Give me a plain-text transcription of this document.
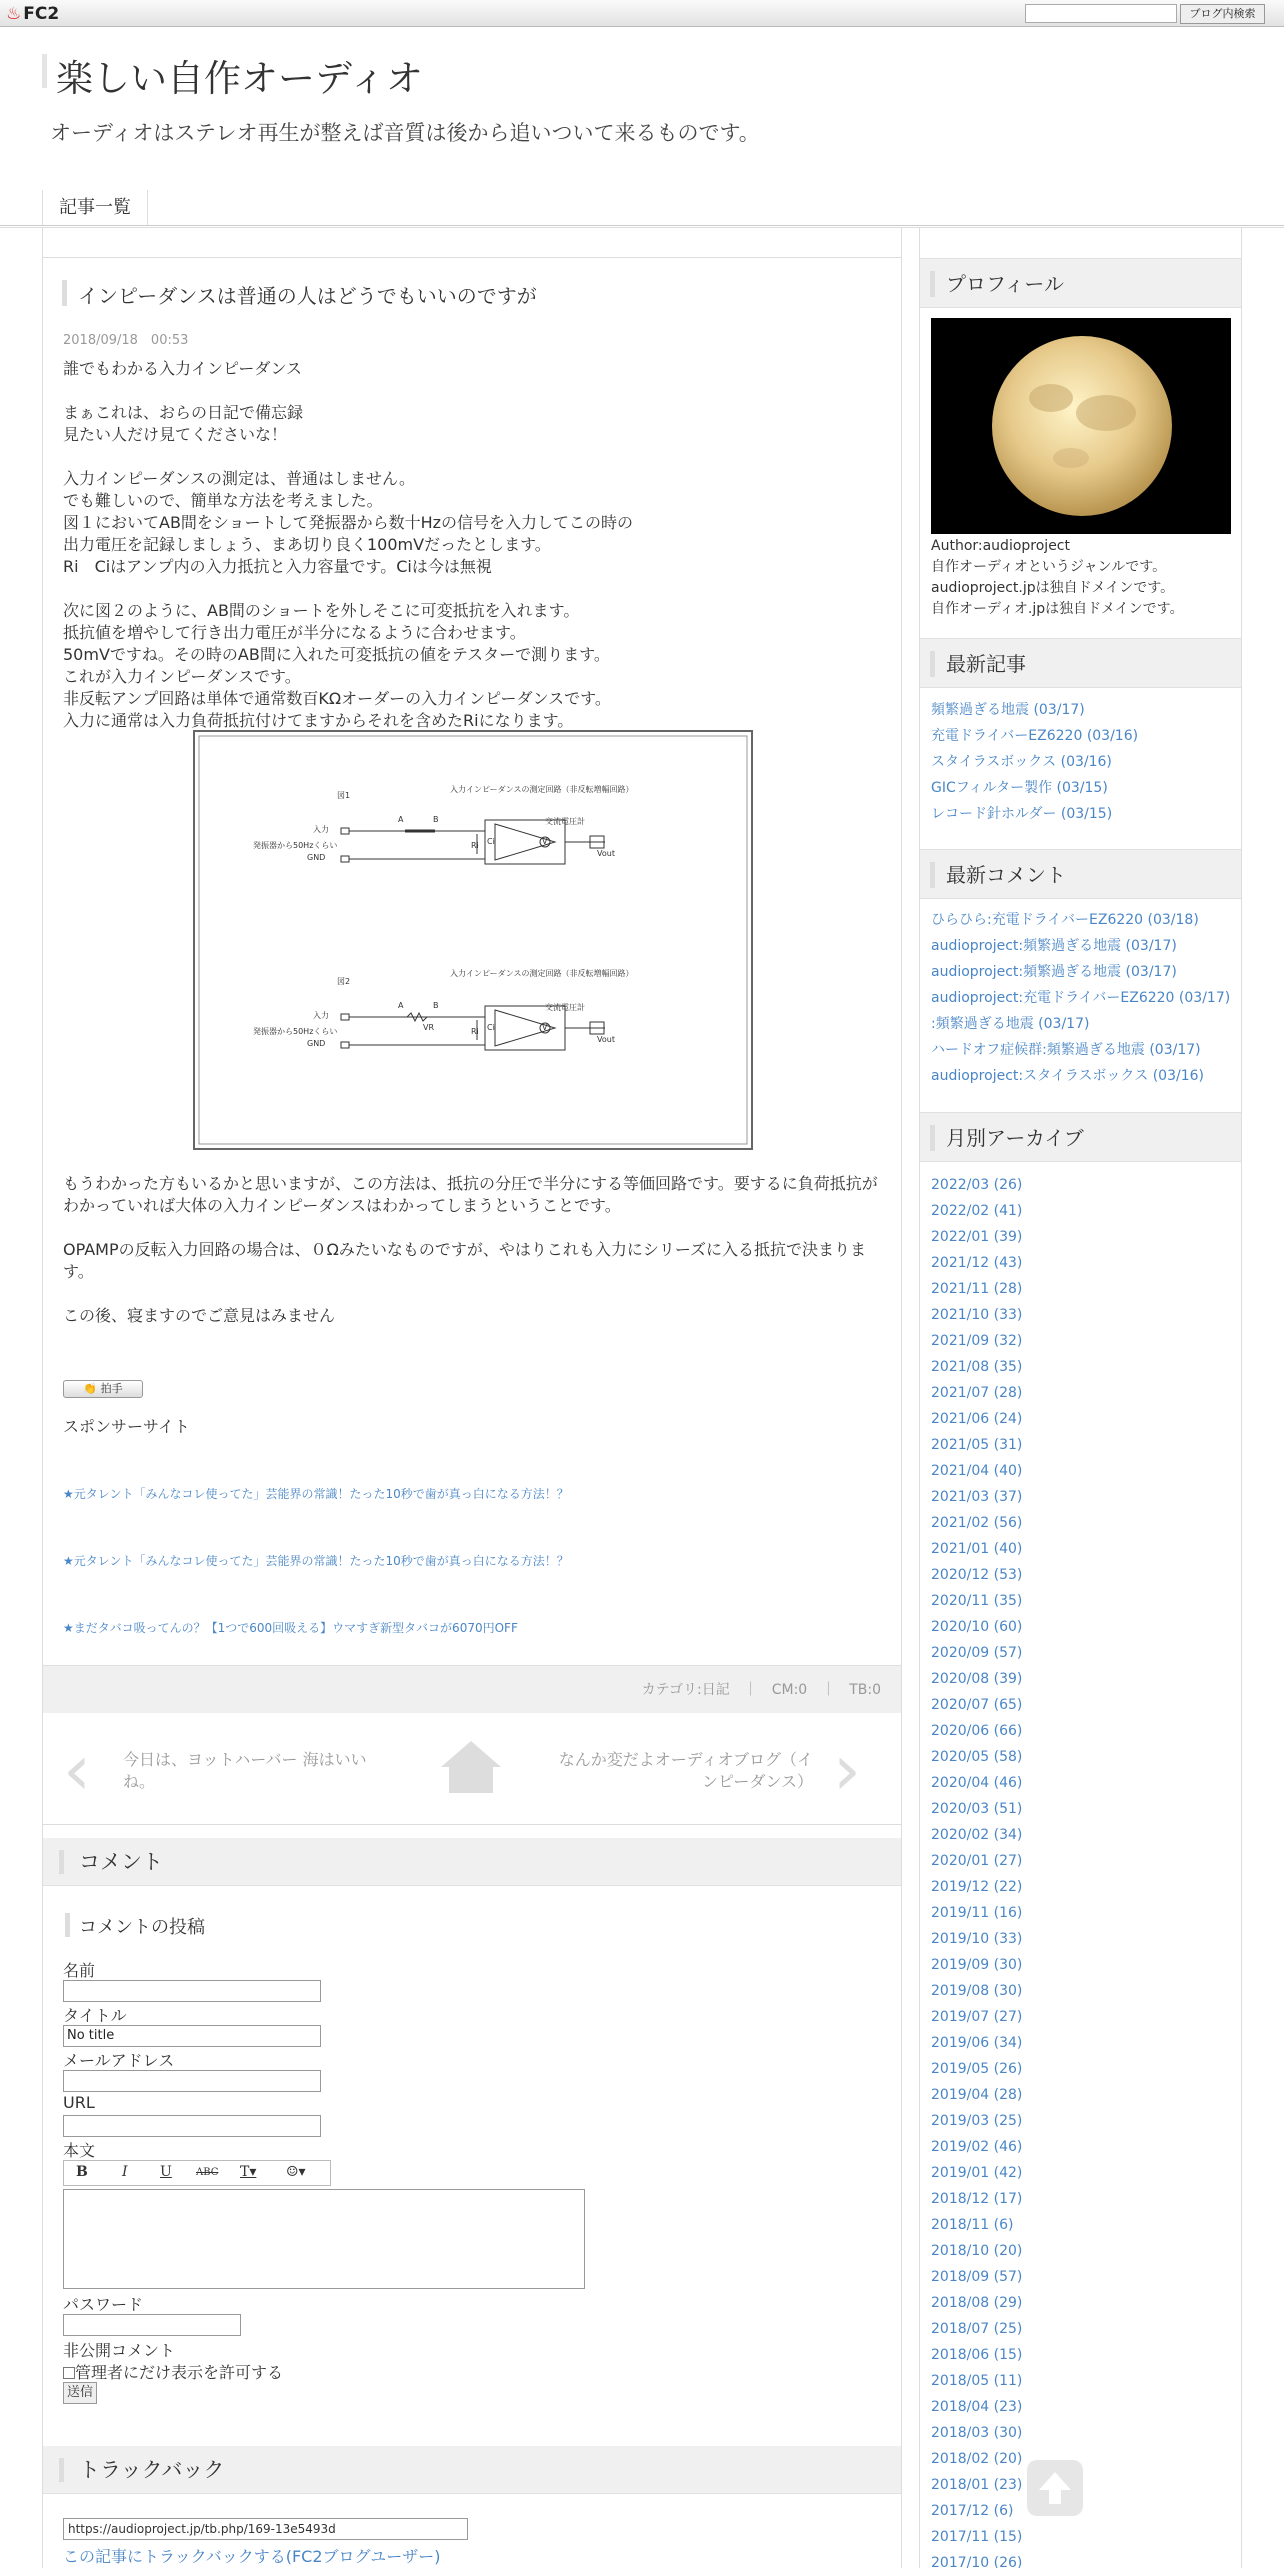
♨ FC2	ブログ内検索
楽しい自作オーディオ
オーディオはステレオ再生が整えば音質は後から追いついて来るものです。
記事一覧
インピーダンスは普通の人はどうでもいいのですが
2018/09/18　00:53

誰でもわかる入力インピーダンス

まぁこれは、おらの日記で備忘録
見たい人だけ見てくださいな！

入力インピーダンスの測定は、普通はしません。
でも難しいので、簡単な方法を考えました。
図１においてAB間をショートして発振器から数十Hzの信号を入力してこの時の
出力電圧を記録しましょう、まあ切り良く100mVだったとします。
Ri　Ciはアンプ内の入力抵抗と入力容量です。Ciは今は無視

次に図２のように、AB間のショートを外しそこに可変抵抗を入れます。
抵抗値を増やして行き出力電圧が半分になるように合わせます。
50mVですね。その時のAB間に入れた可変抵抗の値をテスターで測ります。
これが入力インピーダンスです。
非反転アンプ回路は単体で通常数百KΩオーダーの入力インピーダンスです。
入力に通常は入力負荷抵抗付けてますからそれを含めたRiになります。

図1
入力インピーダンスの測定回路（非反転増幅回路）
入力
発振器から50Hzくらい
GND
A	B	交流電圧計
Ri Ci	V
Vout
図2
入力インピーダンスの測定回路（非反転増幅回路）
入力
発振器から50Hzくらい
GND
A	B
VR
交流電圧計
Ri Ci	V
Vout

もうわかった方もいるかと思いますが、この方法は、抵抗の分圧で半分にする等価回路です。要するに負荷抵抗がわかっていれば大体の入力インピーダンスはわかってしまうということです。

OPAMPの反転入力回路の場合は、０Ωみたいなものですが、やはりこれも入力にシリーズに入る抵抗で決まります。

この後、寝ますのでご意見はみません

👏 拍手
スポンサーサイト
★元タレント「みんなコレ使ってた」芸能界の常識！たった10秒で歯が真っ白になる方法！？
★元タレント「みんなコレ使ってた」芸能界の常識！たった10秒で歯が真っ白になる方法！？
★まだタバコ吸ってんの？【1つで600回吸える】ウマすぎ新型タバコが6070円OFF
カテゴリ:日記　｜　CM:0　｜　TB:0
‹ 今日は、ヨットハーバー 海はいいね。
なんか変だよオーディオブログ（インピーダンス） ›
コメント
コメントの投稿
名前
タイトル
No title
メールアドレス
URL
本文
B I U ABC T▾ ☺▾
パスワード
非公開コメント
管理者にだけ表示を許可する
送信
トラックバック
https://audioproject.jp/tb.php/169-13e5493d
この記事にトラックバックする(FC2ブログユーザー)
プロフィール
Author:audioproject
自作オーディオというジャンルです。
audioproject.jpは独自ドメインです。
自作オーディオ.jpは独自ドメインです。
最新記事
頻繁過ぎる地震 (03/17)
充電ドライバーEZ6220 (03/16)
スタイラスボックス (03/16)
GICフィルター製作 (03/15)
レコード針ホルダー (03/15)
最新コメント
ひらひら:充電ドライバーEZ6220 (03/18)
audioproject:頻繁過ぎる地震 (03/17)
audioproject:頻繁過ぎる地震 (03/17)
audioproject:充電ドライバーEZ6220 (03/17)
:頻繁過ぎる地震 (03/17)
ハードオフ症候群:頻繁過ぎる地震 (03/17)
audioproject:スタイラスボックス (03/16)
月別アーカイブ
2022/03 (26)
2022/02 (41)
2022/01 (39)
2021/12 (43)
2021/11 (28)
2021/10 (33)
2021/09 (32)
2021/08 (35)
2021/07 (28)
2021/06 (24)
2021/05 (31)
2021/04 (40)
2021/03 (37)
2021/02 (56)
2021/01 (40)
2020/12 (53)
2020/11 (35)
2020/10 (60)
2020/09 (57)
2020/08 (39)
2020/07 (65)
2020/06 (66)
2020/05 (58)
2020/04 (46)
2020/03 (51)
2020/02 (34)
2020/01 (27)
2019/12 (22)
2019/11 (16)
2019/10 (33)
2019/09 (30)
2019/08 (30)
2019/07 (27)
2019/06 (34)
2019/05 (26)
2019/04 (28)
2019/03 (25)
2019/02 (46)
2019/01 (42)
2018/12 (17)
2018/11 (6)
2018/10 (20)
2018/09 (57)
2018/08 (29)
2018/07 (25)
2018/06 (15)
2018/05 (11)
2018/04 (23)
2018/03 (30)
2018/02 (20)
2018/01 (23)
2017/12 (6)
2017/11 (15)
2017/10 (26)
